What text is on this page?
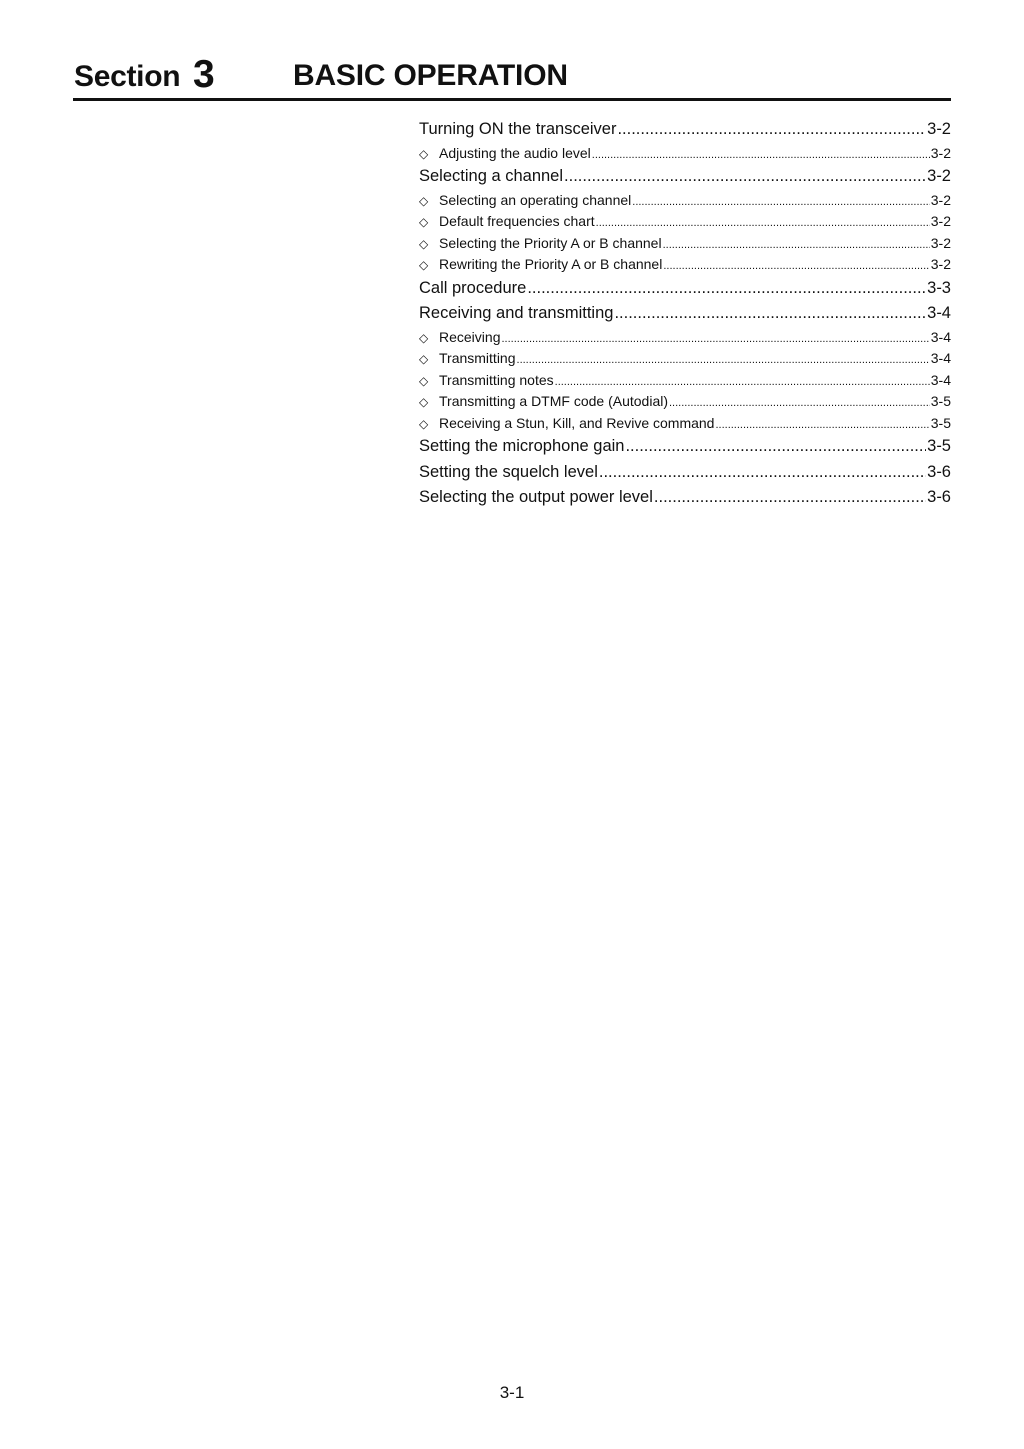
Section 3	BASIC OPERATION
Turning ON the transceiver .....	3-2
◇ Adjusting the audio level .....	3-2
Selecting a channel .....	3-2
◇ Selecting an operating channel .....	3-2
◇ Default frequencies chart .....	3-2
◇ Selecting the Priority A or B channel .....	3-2
◇ Rewriting the Priority A or B channel .....	3-2
Call procedure .....	3-3
Receiving and transmitting .....	3-4
◇ Receiving .....	3-4
◇ Transmitting .....	3-4
◇ Transmitting notes .....	3-4
◇ Transmitting a DTMF code (Autodial) .....	3-5
◇ Receiving a Stun, Kill, and Revive command .....	3-5
Setting the microphone gain .....	3-5
Setting the squelch level .....	3-6
Selecting the output power level .....	3-6
3-1
